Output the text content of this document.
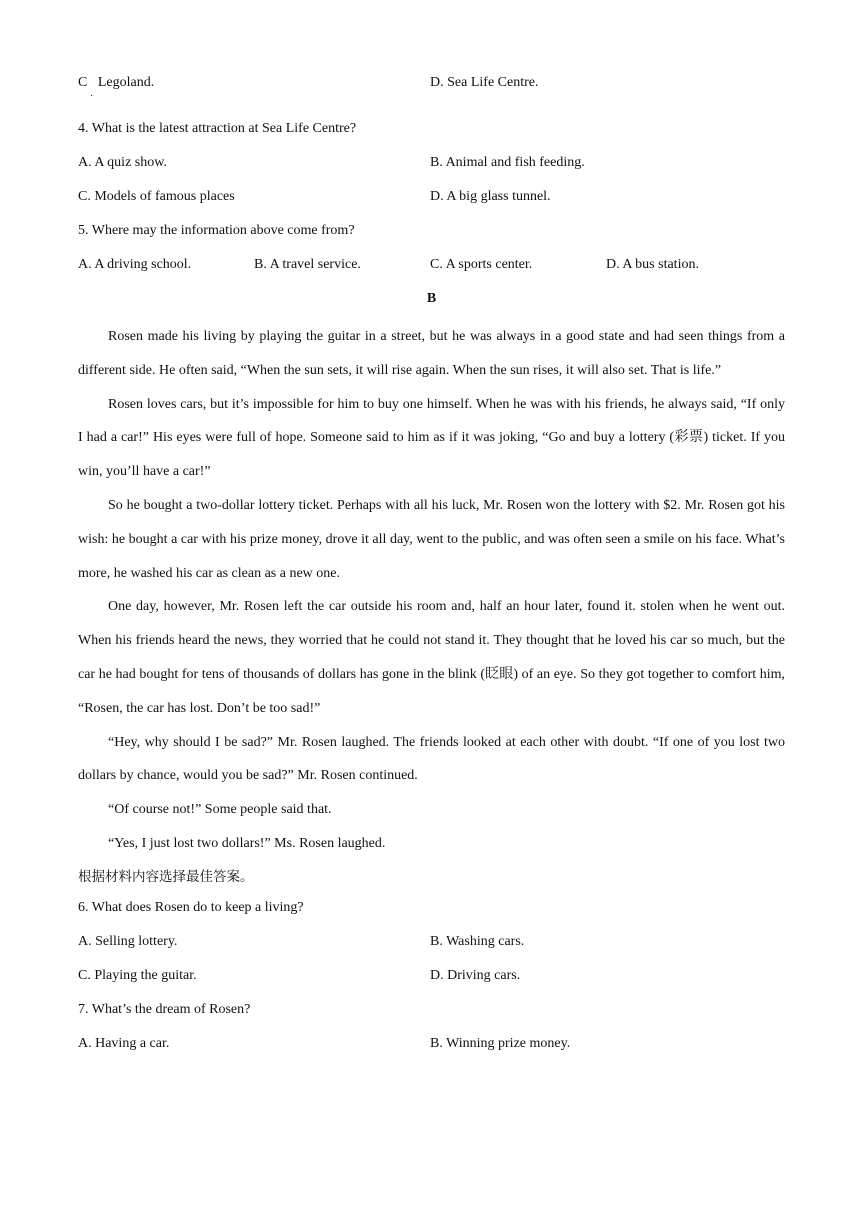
C Legoland.
·
D. Sea Life Centre.
4. What is the latest attraction at Sea Life Centre?
A. A quiz show.	B. Animal and fish feeding.
C. Models of famous places	D. A big glass tunnel.
5. Where may the information above come from?
A. A driving school.	B. A travel service.	C. A sports center.	D. A bus station.
B

Rosen made his living by playing the guitar in a street, but he was always in a good state and had seen things from a different side. He often said, “When the sun sets, it will rise again. When the sun rises, it will also set. That is life.”

Rosen loves cars, but it’s impossible for him to buy one himself. When he was with his friends, he always said, “If only I had a car!” His eyes were full of hope. Someone said to him as if it was joking, “Go and buy a lottery (彩票) ticket. If you win, you’ll have a car!”

So he bought a two-dollar lottery ticket. Perhaps with all his luck, Mr. Rosen won the lottery with $2. Mr. Rosen got his wish: he bought a car with his prize money, drove it all day, went to the public, and was often seen a smile on his face. What’s more, he washed his car as clean as a new one.

One day, however, Mr. Rosen left the car outside his room and, half an hour later, found it. stolen when he went out. When his friends heard the news, they worried that he could not stand it. They thought that he loved his car so much, but the car he had bought for tens of thousands of dollars has gone in the blink (眨眼) of an eye. So they got together to comfort him, “Rosen, the car has lost. Don’t be too sad!”

“Hey, why should I be sad?” Mr. Rosen laughed. The friends looked at each other with doubt. “If one of you lost two dollars by chance, would you be sad?” Mr. Rosen continued.

“Of course not!” Some people said that.

“Yes, I just lost two dollars!” Ms. Rosen laughed.

根据材料内容选择最佳答案。

6. What does Rosen do to keep a living?
A. Selling lottery.	B. Washing cars.
C. Playing the guitar.	D. Driving cars.
7. What’s the dream of Rosen?
A. Having a car.	B. Winning prize money.
